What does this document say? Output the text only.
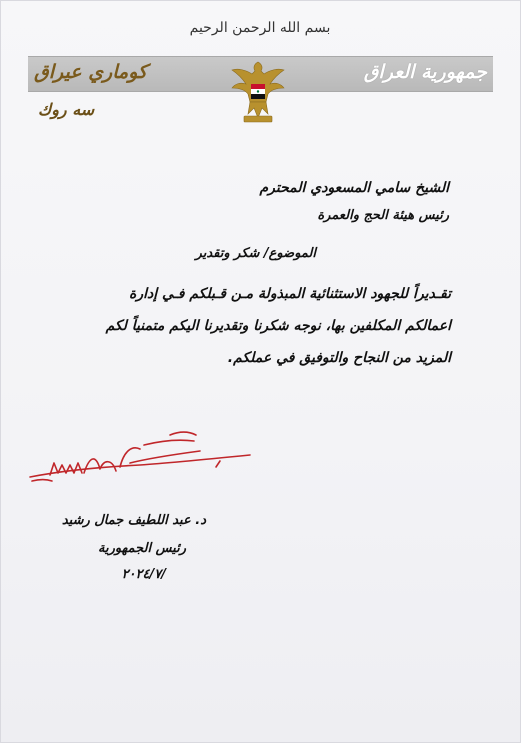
بسم الله الرحمن الرحيم
كوماري عيراق	جمهورية العراق
سه روك
الشيخ سامي المسعودي المحترم
رئيس هيئة الحج والعمرة
الموضوع/ شكر وتقدير
تقـديراً للجهود الاستثنائية المبذولة مـن قـبلكم فـي إدارة
اعمالكم المكلفين بها، نوجه شكرنا وتقديرنا اليكم متمنياً لكم
المزيد من النجاح والتوفيق في عملكم.
د. عبد اللطيف جمال رشيد
رئيس الجمهورية
٢٠٢٤/٧/
